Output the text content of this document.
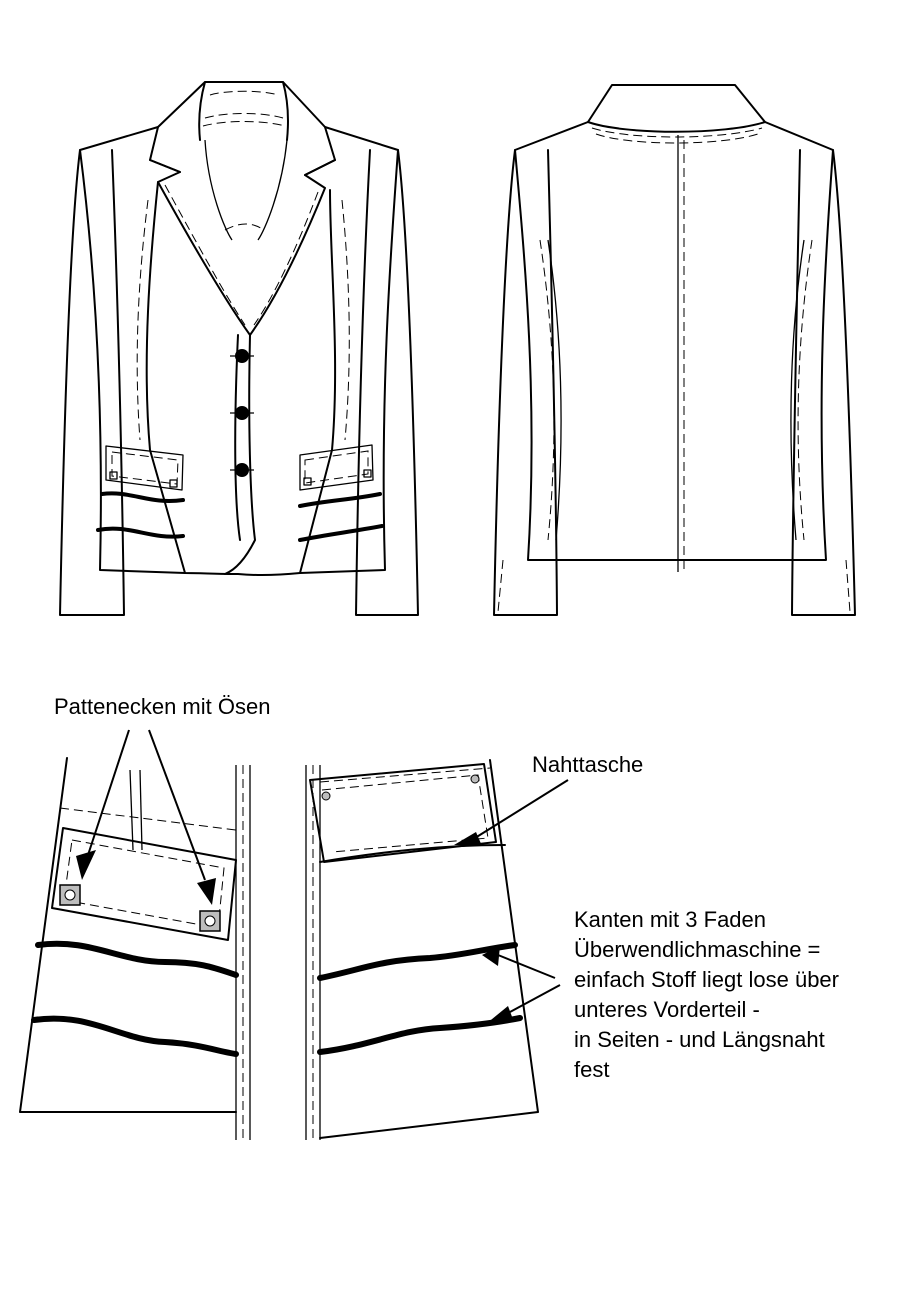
Pattenecken mit Ösen
Nahttasche
Kanten mit 3 Faden
Überwendlichmaschine =
einfach Stoff liegt lose über
unteres Vorderteil -
in Seiten - und Längsnaht
fest
